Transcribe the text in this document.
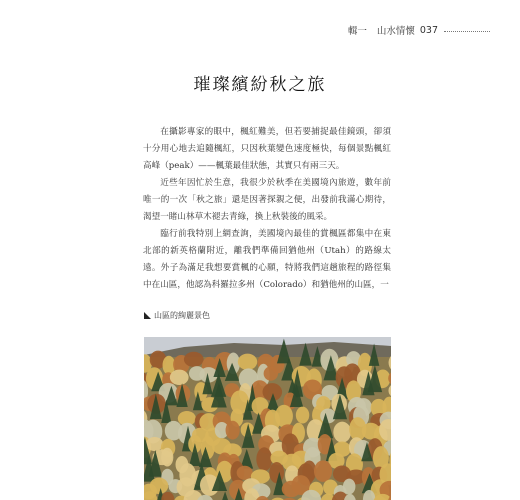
輯一 山水情懷 037
璀璨繽紛秋之旅

在攝影專家的眼中，楓紅難美，但若要捕捉最佳鏡頭，卻須十分用心地去追隨楓紅，只因秋葉變色速度極快，每個景點楓紅高峰（peak）——楓葉最佳狀態，其實只有兩三天。

近些年因忙於生意，我很少於秋季在美國境內旅遊，數年前唯一的一次「秋之旅」還是因著探親之便，出發前我滿心期待，渴望一睹山林草木褪去青綠，換上秋裝後的風采。

臨行前我特別上網查詢，美國境內最佳的賞楓區都集中在東北部的新英格蘭附近，離我們準備回猶他州（Utah）的路線太遠。外子為滿足我想要賞楓的心願，特將我們這趟旅程的路徑集中在山區，他認為科羅拉多州（Colorado）和猶他州的山區，一

山區的絢麗景色
